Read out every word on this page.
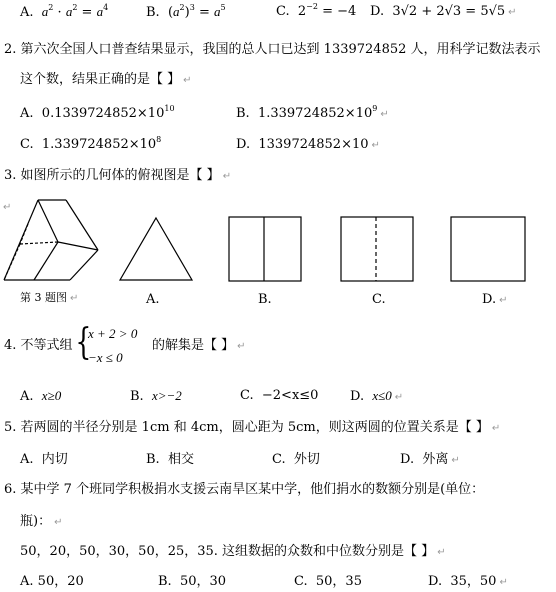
A. $a^2 \cdot a^2 = a^4$	B. $(a^2)^3 = a^5$	C. $2^{-2} = -4$ D. 3√2 + 2√3 = 5√5 ↵
2. 第六次全国人口普查结果显示，我国的总人口已达到 1339724852 人，用科学记数法表示
这个数，结果正确的是【 】 ↵
A. $0.1339724852\times 10^{10}$	B. $1.339724852\times 10^9↵$
C. $1.339724852\times 10^8$	D. 1339724852×10 ↵
3. 如图所示的几何体的俯视图是【 】 ↵
↵
第 3 题图 ↵	A.	B.	C.	D. ↵
4. 不等式组 {
x + 2 > 0
−x ≤ 0
的解集是【 】 ↵
A. x≥0	B. x>−2	C. −2<x≤0 D. x≤0 ↵
5. 若两圆的半径分别是 1cm 和 4cm，圆心距为 5cm，则这两圆的位置关系是【 】 ↵
A. 内切	B. 相交	C. 外切	D. 外离 ↵
6. 某中学 7 个班同学积极捐水支援云南旱区某中学，他们捐水的数额分别是(单位：
瓶)： ↵
50，20，50，30，50，25，35. 这组数据的众数和中位数分别是【 】 ↵
A. 50，20	B. 50，30	C. 50，35	D. 35，50 ↵
